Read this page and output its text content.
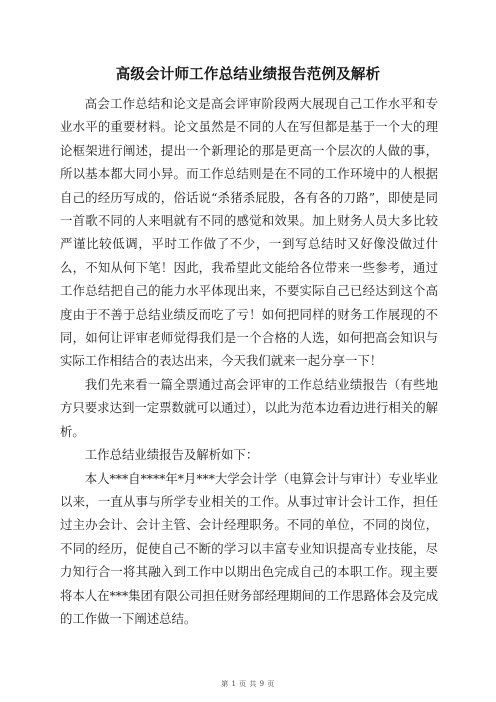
高级会计师工作总结业绩报告范例及解析

高会工作总结和论文是高会评审阶段两大展现自己工作水平和专业水平的重要材料。论文虽然是不同的人在写但都是基于一个大的理论框架进行阐述，提出一个新理论的那是更高一个层次的人做的事，所以基本都大同小异。而工作总结则是在不同的工作环境中的人根据自己的经历写成的，俗话说“杀猪杀屁股，各有各的刀路”，即使是同一首歌不同的人来唱就有不同的感觉和效果。加上财务人员大多比较严谨比较低调，平时工作做了不少，一到写总结时又好像没做过什么，不知从何下笔！因此，我希望此文能给各位带来一些参考，通过工作总结把自己的能力水平体现出来，不要实际自己已经达到这个高度由于不善于总结业绩反而吃了亏！如何把同样的财务工作展现的不同，如何让评审老师觉得我们是一个合格的人选，如何把高会知识与实际工作相结合的表达出来，今天我们就来一起分享一下！

我们先来看一篇全票通过高会评审的工作总结业绩报告（有些地方只要求达到一定票数就可以通过），以此为范本边看边进行相关的解析。

工作总结业绩报告及解析如下：

本人***自****年*月***大学会计学（电算会计与审计）专业毕业以来，一直从事与所学专业相关的工作。从事过审计会计工作，担任过主办会计、会计主管、会计经理职务。不同的单位，不同的岗位，不同的经历，促使自己不断的学习以丰富专业知识提高专业技能，尽力知行合一将其融入到工作中以期出色完成自己的本职工作。现主要将本人在***集团有限公司担任财务部经理期间的工作思路体会及完成的工作做一下阐述总结。

第 1 页 共 9 页
